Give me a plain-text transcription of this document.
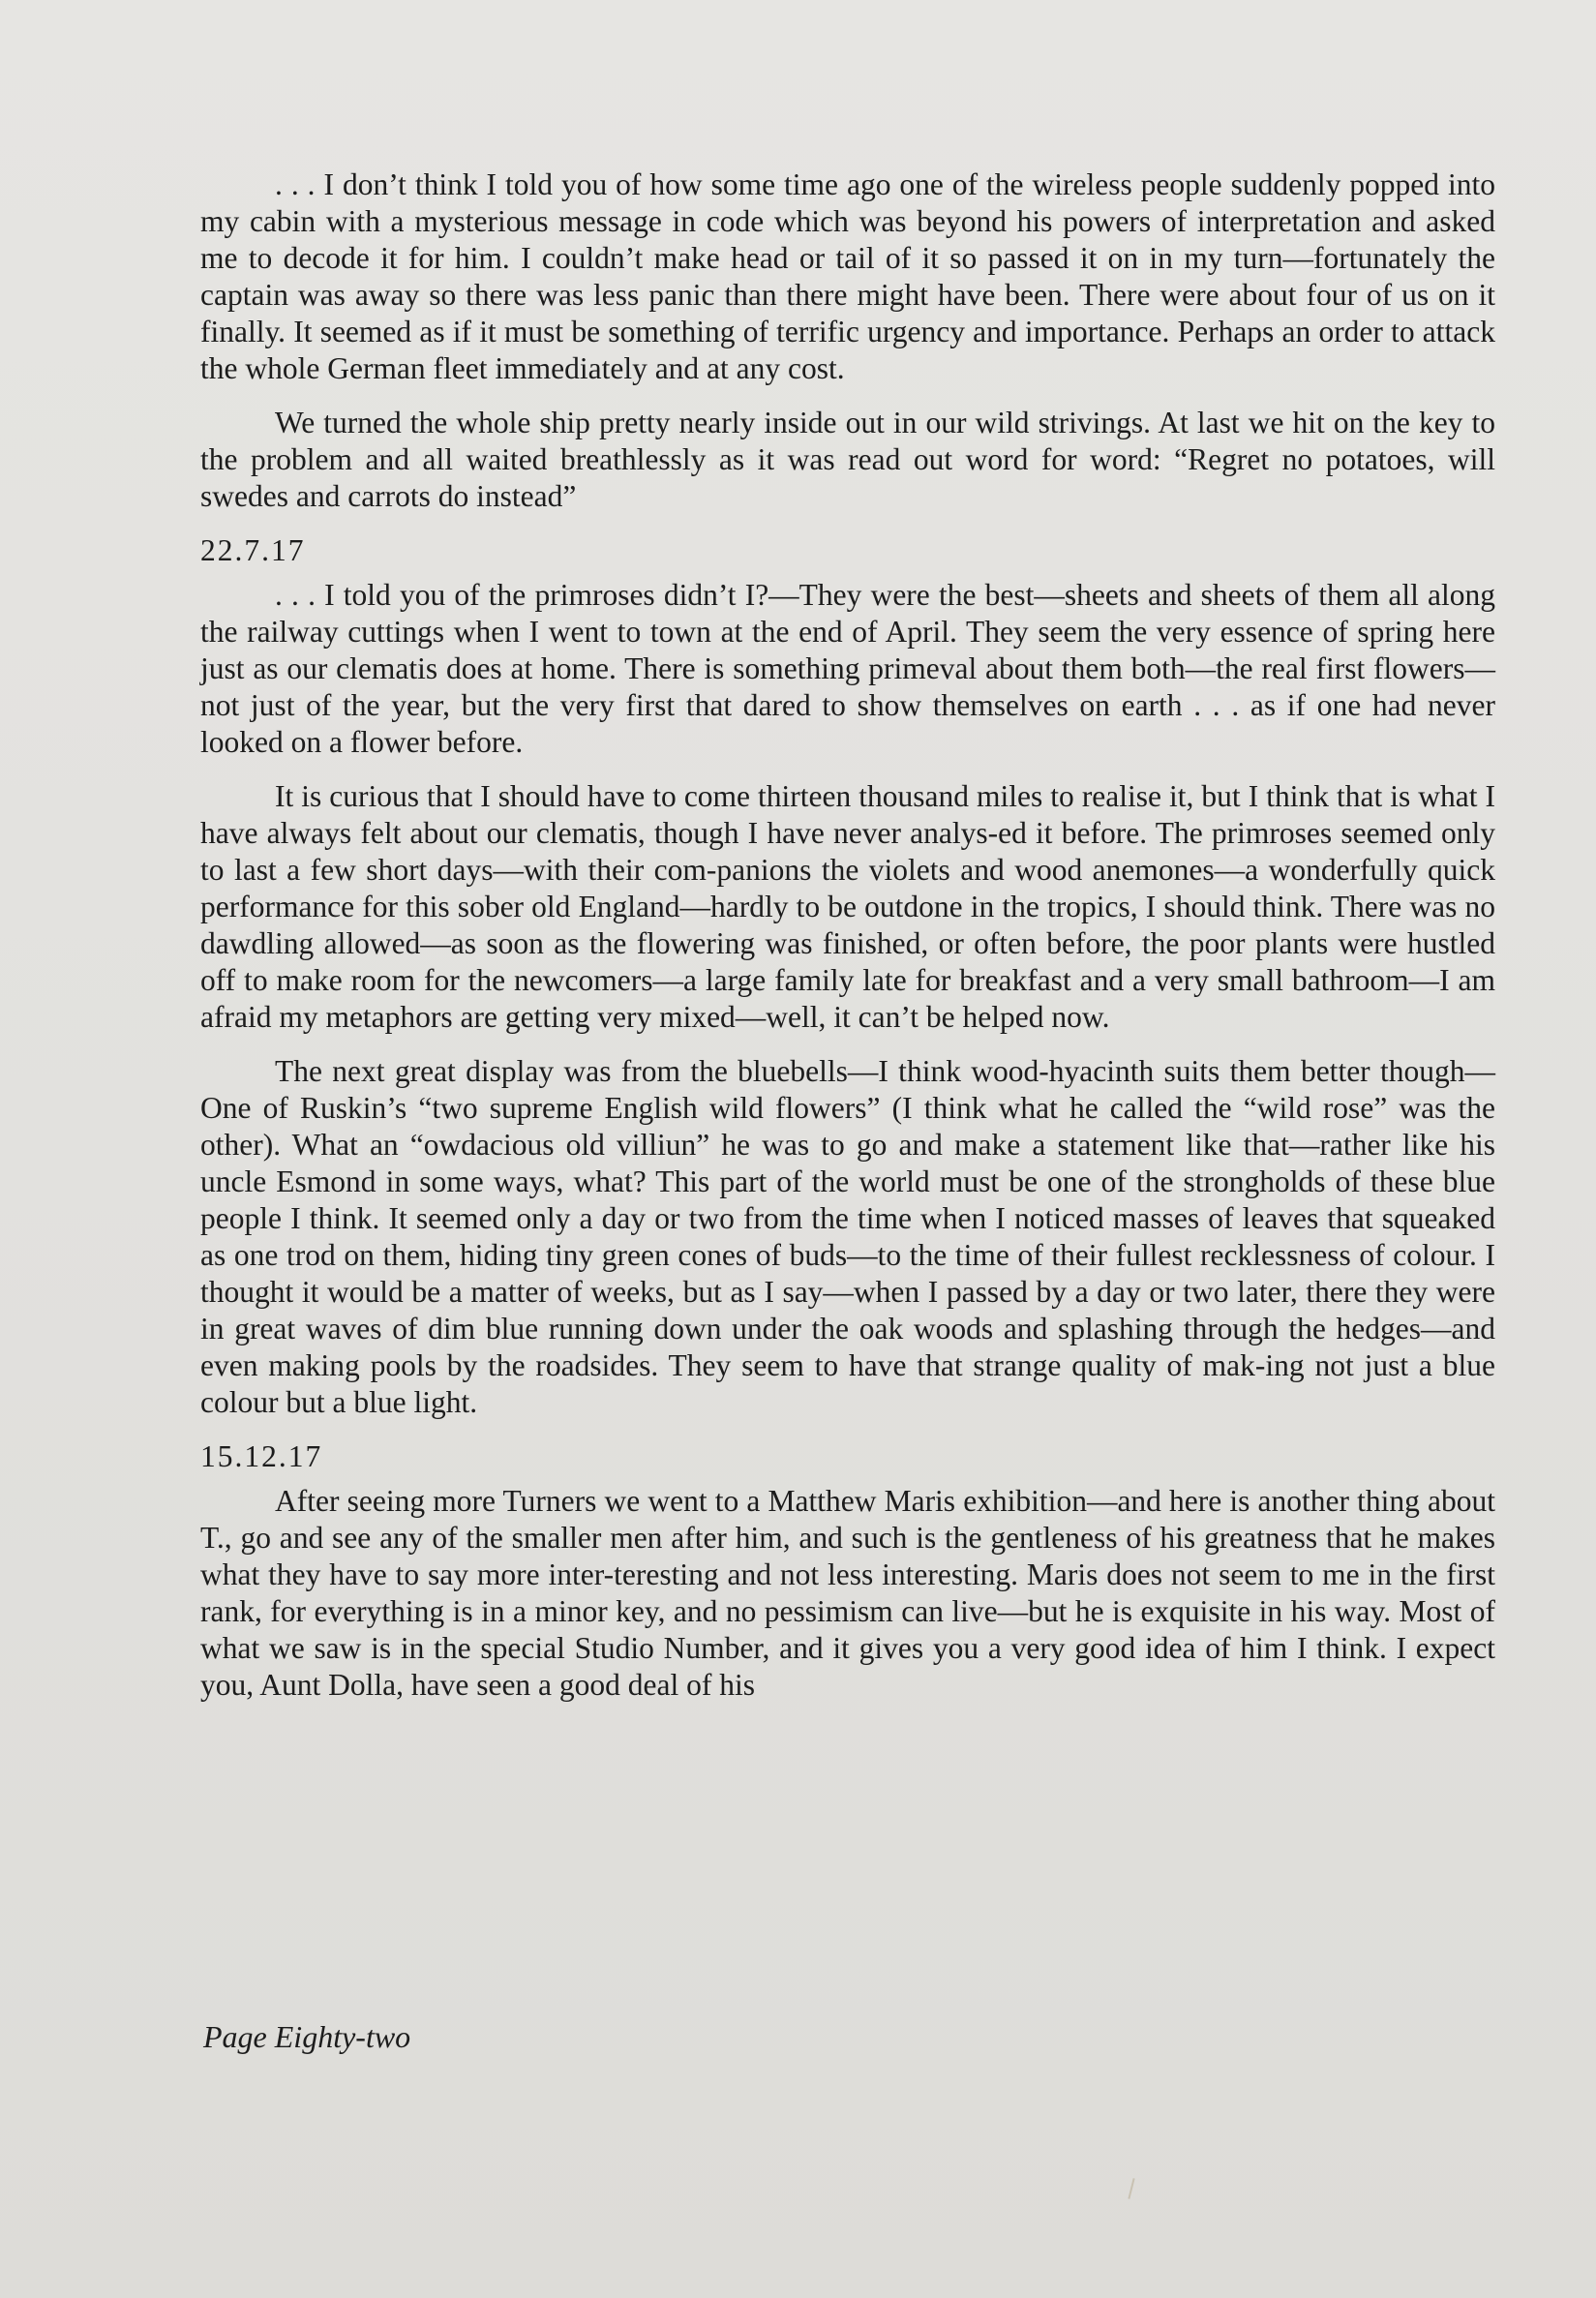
. . . I don’t think I told you of how some time ago one of the wireless people suddenly popped into my cabin with a mysterious message in code which was beyond his powers of interpretation and asked me to decode it for him. I couldn’t make head or tail of it so passed it on in my turn—fortunately the captain was away so there was less panic than there might have been. There were about four of us on it finally. It seemed as if it must be something of terrific urgency and importance. Perhaps an order to attack the whole German fleet immediately and at any cost.

We turned the whole ship pretty nearly inside out in our wild strivings. At last we hit on the key to the problem and all waited breathlessly as it was read out word for word: “Regret no potatoes, will swedes and carrots do instead”

22.7.17

. . . I told you of the primroses didn’t I?—They were the best—sheets and sheets of them all along the railway cuttings when I went to town at the end of April. They seem the very essence of spring here just as our clematis does at home. There is something primeval about them both—the real first flowers—not just of the year, but the very first that dared to show themselves on earth . . . as if one had never looked on a flower before.

It is curious that I should have to come thirteen thousand miles to realise it, but I think that is what I have always felt about our clematis, though I have never analys-ed it before. The primroses seemed only to last a few short days—with their com-panions the violets and wood anemones—a wonderfully quick performance for this sober old England—hardly to be outdone in the tropics, I should think. There was no dawdling allowed—as soon as the flowering was finished, or often before, the poor plants were hustled off to make room for the newcomers—a large family late for breakfast and a very small bathroom—I am afraid my metaphors are getting very mixed—well, it can’t be helped now.

The next great display was from the bluebells—I think wood-hyacinth suits them better though—One of Ruskin’s “two supreme English wild flowers” (I think what he called the “wild rose” was the other). What an “owdacious old villiun” he was to go and make a statement like that—rather like his uncle Esmond in some ways, what? This part of the world must be one of the strongholds of these blue people I think. It seemed only a day or two from the time when I noticed masses of leaves that squeaked as one trod on them, hiding tiny green cones of buds—to the time of their fullest recklessness of colour. I thought it would be a matter of weeks, but as I say—when I passed by a day or two later, there they were in great waves of dim blue running down under the oak woods and splashing through the hedges—and even making pools by the roadsides. They seem to have that strange quality of mak-ing not just a blue colour but a blue light.

15.12.17

After seeing more Turners we went to a Matthew Maris exhibition—and here is another thing about T., go and see any of the smaller men after him, and such is the gentleness of his greatness that he makes what they have to say more inter-teresting and not less interesting. Maris does not seem to me in the first rank, for everything is in a minor key, and no pessimism can live—but he is exquisite in his way. Most of what we saw is in the special Studio Number, and it gives you a very good idea of him I think. I expect you, Aunt Dolla, have seen a good deal of his

Page Eighty-two
